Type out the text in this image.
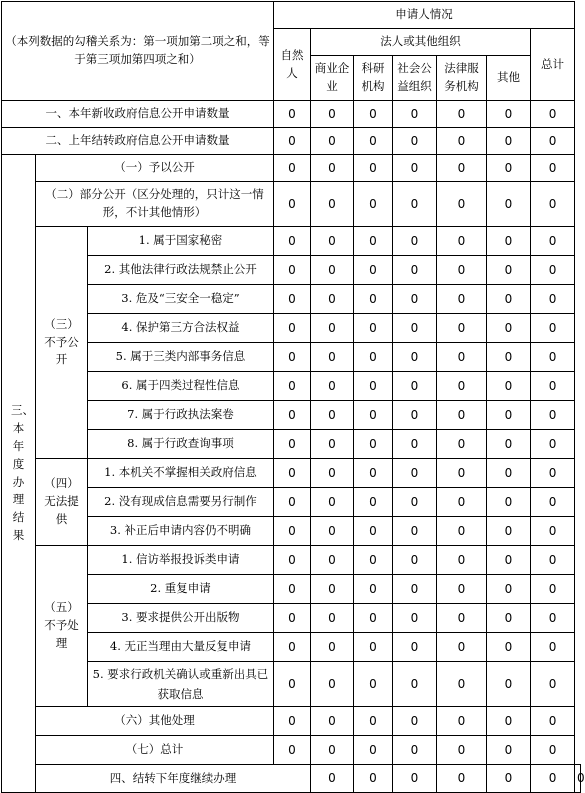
（本列数据的勾稽关系为：第一项加第二项之和，等于第三项加第四项之和）			申请人情况							
			自然人	法人或其他组织					总计	
				商业企业	科研机构	社会公益组织	法律服务机构	其他		
一、本年新收政府信息公开申请数量			0	0	0	0	0	0	0	
二、上年结转政府信息公开申请数量			0	0	0	0	0	0	0	
三、本年度办理结果	（一）予以公开		0	0	0	0	0	0	0	
	（二）部分公开（区分处理的，只计这一情形，不计其他情形）		0	0	0	0	0	0	0	
	（三）不予公开	1. 属于国家秘密	0	0	0	0	0	0	0	
		2. 其他法律行政法规禁止公开	0	0	0	0	0	0	0	
		3. 危及“三安全一稳定”	0	0	0	0	0	0	0	
		4. 保护第三方合法权益	0	0	0	0	0	0	0	
		5. 属于三类内部事务信息	0	0	0	0	0	0	0	
		6. 属于四类过程性信息	0	0	0	0	0	0	0	
		7. 属于行政执法案卷	0	0	0	0	0	0	0	
		8. 属于行政查询事项	0	0	0	0	0	0	0	
	（四）无法提供	1. 本机关不掌握相关政府信息	0	0	0	0	0	0	0	
		2. 没有现成信息需要另行制作	0	0	0	0	0	0	0	
		3. 补正后申请内容仍不明确	0	0	0	0	0	0	0	
	（五）不予处理	1. 信访举报投诉类申请	0	0	0	0	0	0	0	
		2. 重复申请	0	0	0	0	0	0	0	
		3. 要求提供公开出版物	0	0	0	0	0	0	0	
		4. 无正当理由大量反复申请	0	0	0	0	0	0	0	
		5. 要求行政机关确认或重新出具已获取信息	0	0	0	0	0	0	0	
	（六）其他处理		0	0	0	0	0	0	0	
	（七）总计		0	0	0	0	0	0	0	
	四、结转下年度继续办理			0	0	0	0	0	0	0
